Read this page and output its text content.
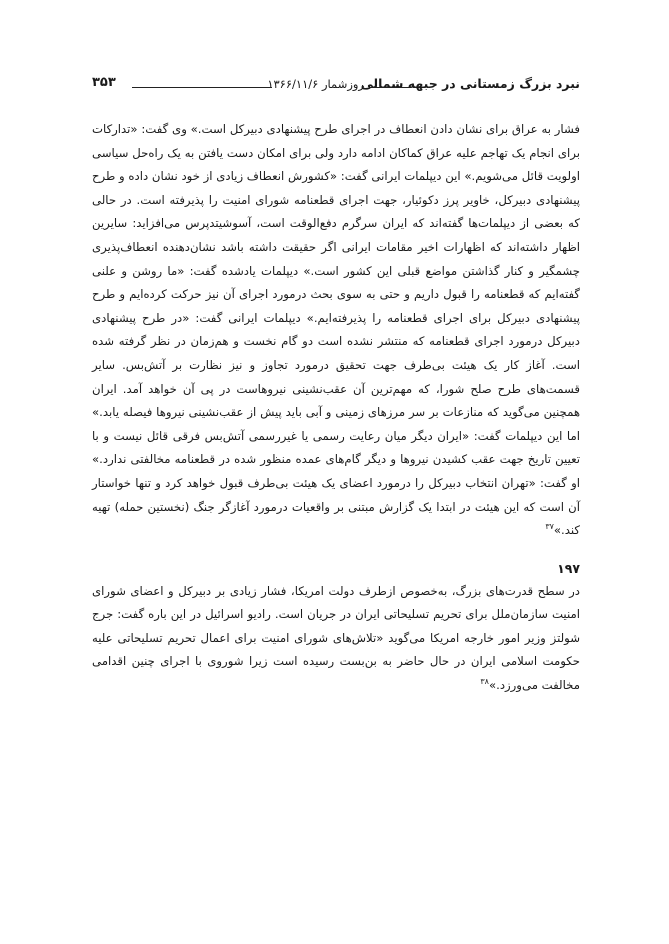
نبرد بزرگ زمستانی در جبهه شمالی
روزشمار ۱۳۶۶/۱۱/۶
۳۵۳

فشار به عراق برای نشان دادن انعطاف در اجرای طرح پیشنهادی دبیرکل است.» وی گفت: «تدارکات برای انجام یک تهاجم علیه عراق کماکان ادامه دارد ولی برای امکان دست یافتن به یک راه‌حل سیاسی اولویت قائل می‌شویم.» این دیپلمات ایرانی گفت: «کشورش انعطاف زیادی از خود نشان داده و طرح پیشنهادی دبیرکل، خاویر پرز دکوئیار، جهت اجرای قطعنامه شورای امنیت را پذیرفته است. در حالی که بعضی از دیپلمات‌ها گفته‌اند که ایران سرگرم دفع‌الوقت است، آسوشیتدپرس می‌افزاید: سایرین اظهار داشته‌اند که اظهارات اخیر مقامات ایرانی اگر حقیقت داشته باشد نشان‌دهنده انعطاف‌پذیری چشمگیر و کنار گذاشتن مواضع قبلی این کشور است.» دیپلمات یادشده گفت: «ما روشن و علنی گفته‌ایم که قطعنامه را قبول داریم و حتی به سوی بحث درمورد اجرای آن نیز حرکت کرده‌ایم و طرح پیشنهادی دبیرکل برای اجرای قطعنامه را پذیرفته‌ایم.» دیپلمات ایرانی گفت: «در طرح پیشنهادی دبیرکل درمورد اجرای قطعنامه که منتشر نشده است دو گام نخست و هم‌زمان در نظر گرفته شده است. آغاز کار یک هیئت بی‌طرف جهت تحقیق درمورد تجاوز و نیز نظارت بر آتش‌بس. سایر قسمت‌های طرح صلح شورا، که مهم‌ترین آن عقب‌نشینی نیروهاست در پی آن خواهد آمد. ایران همچنین می‌گوید که منازعات بر سر مرزهای زمینی و آبی باید پیش از عقب‌نشینی نیروها فیصله یابد.» اما این دیپلمات گفت: «ایران دیگر میان رعایت رسمی یا غیررسمی آتش‌بس فرقی قائل نیست و با تعیین تاریخ جهت عقب کشیدن نیروها و دیگر گام‌های عمده منظور شده در قطعنامه مخالفتی ندارد.» او گفت: «تهران انتخاب دبیرکل را درمورد اعضای یک هیئت بی‌طرف قبول خواهد کرد و تنها خواستار آن است که این هیئت در ابتدا یک گزارش مبتنی بر واقعیات درمورد آغازگر جنگ (نخستین حمله) تهیه کند.»$^{۳۷}$

۱۹۷

در سطح قدرت‌های بزرگ، به‌خصوص ازطرف دولت امریکا، فشار زیادی بر دبیرکل و اعضای شورای امنیت سازمان‌ملل برای تحریم تسلیحاتی ایران در جریان است. رادیو اسرائیل در این باره گفت: جرج شولتز وزیر امور خارجه امریکا می‌گوید «تلاش‌های شورای امنیت برای اعمال تحریم تسلیحاتی علیه حکومت اسلامی ایران در حال حاضر به بن‌بست رسیده است زیرا شوروی با اجرای چنین اقدامی مخالفت می‌ورزد.»$^{۳۸}$
